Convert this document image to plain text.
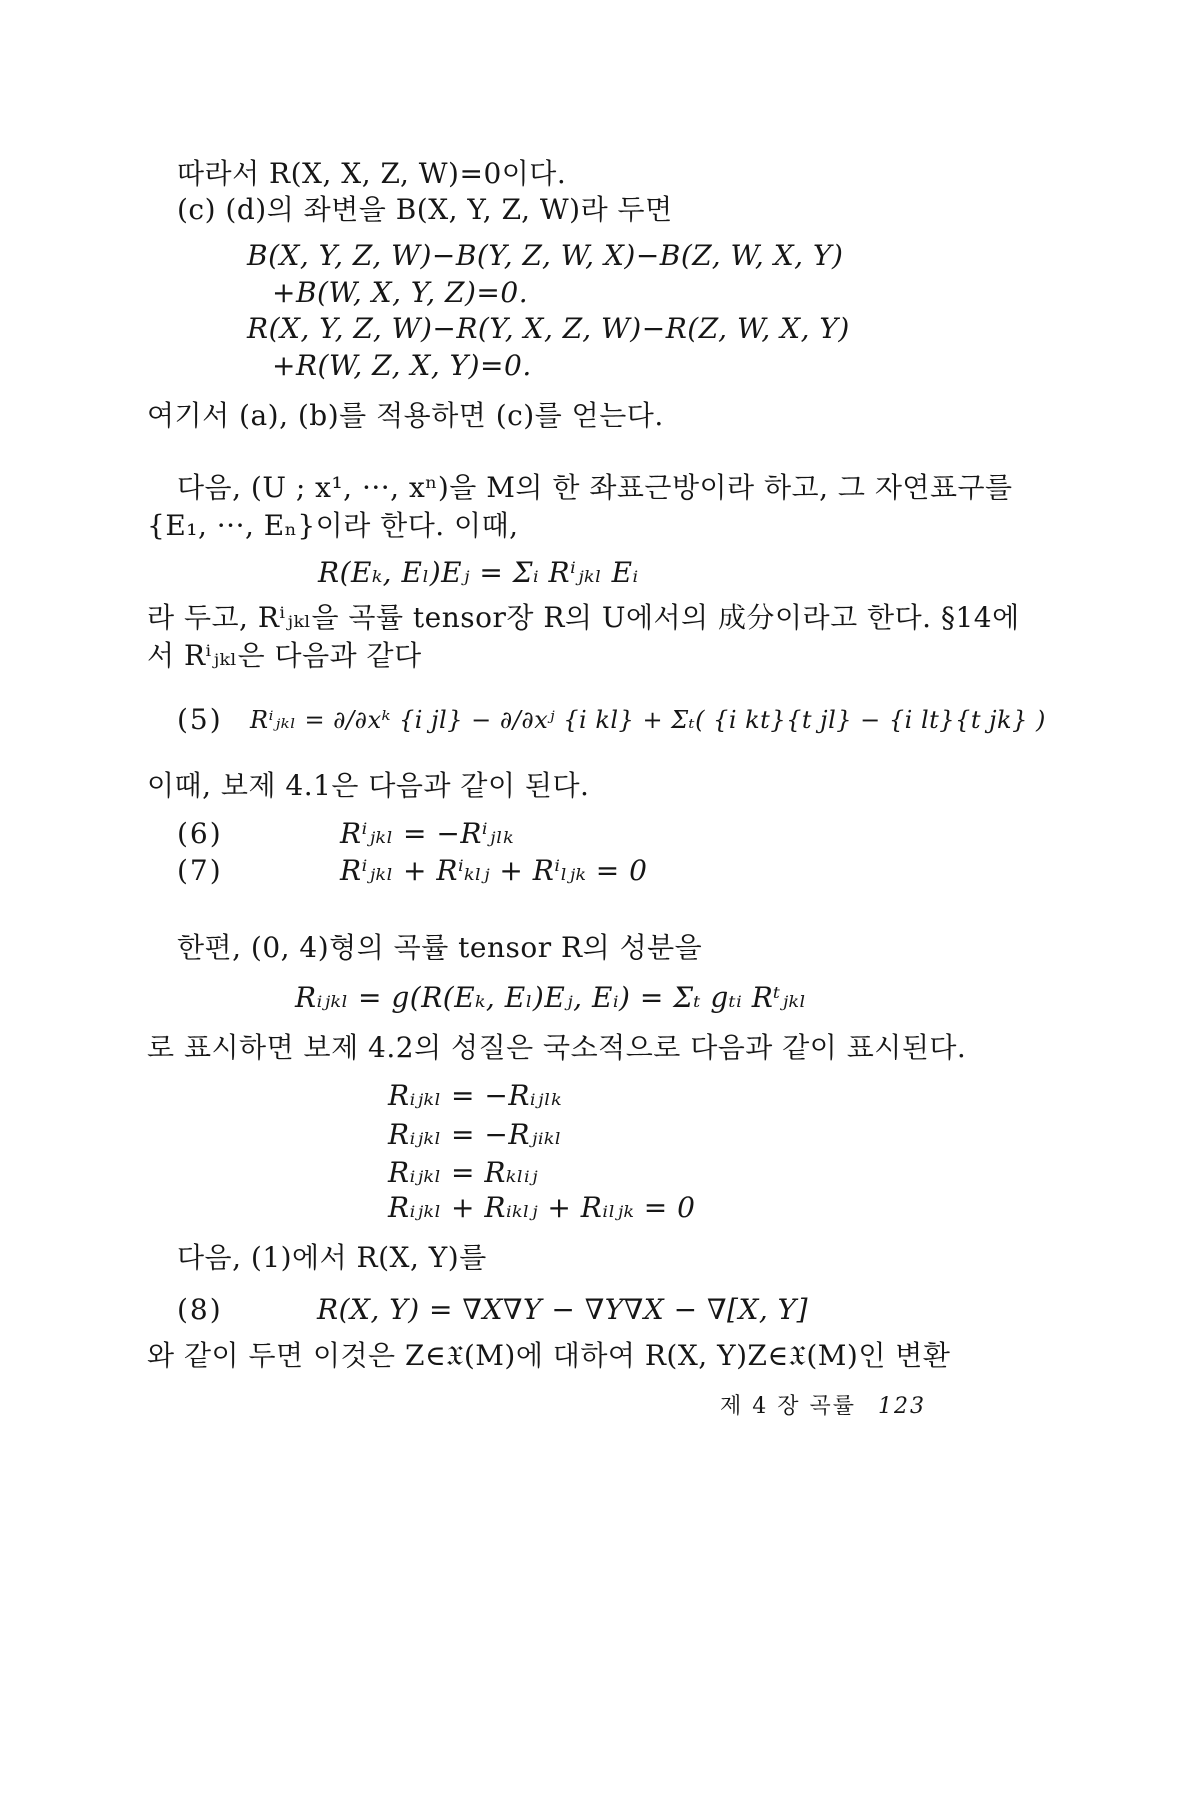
따라서 R(X, X, Z, W)=0이다.
(c) (d)의 좌변을 B(X, Y, Z, W)라 두면
B(X, Y, Z, W)−B(Y, Z, W, X)−B(Z, W, X, Y)
+B(W, X, Y, Z)=0.
R(X, Y, Z, W)−R(Y, X, Z, W)−R(Z, W, X, Y)
+R(W, Z, X, Y)=0.
여기서 (a), (b)를 적용하면 (c)를 얻는다.
다음, (U ; x¹, ···, xⁿ)을 M의 한 좌표근방이라 하고, 그 자연표구를
{E₁, ···, Eₙ}이라 한다. 이때,
R(Eₖ, Eₗ)Eⱼ = Σᵢ Rⁱⱼₖₗ Eᵢ
라 두고, Rⁱⱼₖₗ을 곡률 tensor장 R의 U에서의 成分이라고 한다. §14에
서 Rⁱⱼₖₗ은 다음과 같다
(5) Rⁱⱼₖₗ = ∂/∂xᵏ {i jl} − ∂/∂xʲ {i kl} + Σₜ( {i kt}{t jl} − {i lt}{t jk} )
이때, 보제 4.1은 다음과 같이 된다.
(6)	Rⁱⱼₖₗ = −Rⁱⱼₗₖ
(7)	Rⁱⱼₖₗ + Rⁱₖₗⱼ + Rⁱₗⱼₖ = 0
한편, (0, 4)형의 곡률 tensor R의 성분을
Rᵢⱼₖₗ = g(R(Eₖ, Eₗ)Eⱼ, Eᵢ) = Σₜ gₜᵢ Rᵗⱼₖₗ
로 표시하면 보제 4.2의 성질은 국소적으로 다음과 같이 표시된다.
Rᵢⱼₖₗ = −Rᵢⱼₗₖ
Rᵢⱼₖₗ = −Rⱼᵢₖₗ
Rᵢⱼₖₗ = Rₖₗᵢⱼ
Rᵢⱼₖₗ + Rᵢₖₗⱼ + Rᵢₗⱼₖ = 0
다음, (1)에서 R(X, Y)를
(8)	R(X, Y) = ∇X∇Y − ∇Y∇X − ∇[X, Y]
와 같이 두면 이것은 Z∈𝔛(M)에 대하여 R(X, Y)Z∈𝔛(M)인 변환
제 4 장 곡률 123
